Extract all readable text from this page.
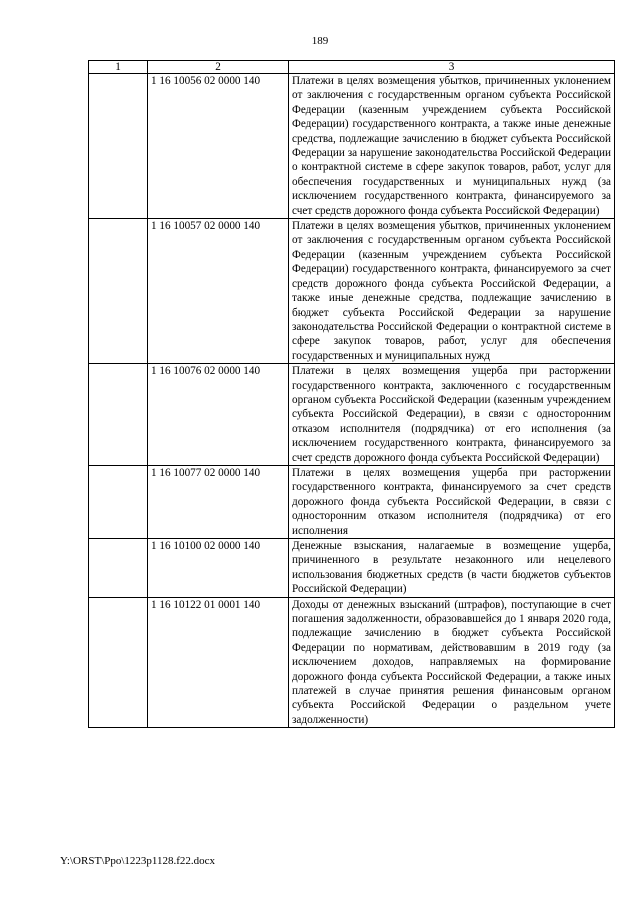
189
1	2	3
	1 16 10056 02 0000 140	Платежи в целях возмещения убытков, причиненных уклонением от заключения с государственным органом субъекта Российской Федерации (казенным учреждением субъекта Российской Федерации) государственного контракта, а также иные денежные средства, подлежащие зачислению в бюджет субъекта Российской Федерации за нарушение законодательства Российской Федерации о контрактной системе в сфере закупок товаров, работ, услуг для обеспечения государственных и муниципальных нужд (за исключением государственного контракта, финансируемого за счет средств дорожного фонда субъекта Российской Федерации)
	1 16 10057 02 0000 140	Платежи в целях возмещения убытков, причиненных уклонением от заключения с государственным органом субъекта Российской Федерации (казенным учреждением субъекта Российской Федерации) государственного контракта, финансируемого за счет средств дорожного фонда субъекта Российской Федерации, а также иные денежные средства, подлежащие зачислению в бюджет субъекта Российской Федерации за нарушение законодательства Российской Федерации о контрактной системе в сфере закупок товаров, работ, услуг для обеспечения государственных и муниципальных нужд
	1 16 10076 02 0000 140	Платежи в целях возмещения ущерба при расторжении государственного контракта, заключенного с государственным органом субъекта Российской Федерации (казенным учреждением субъекта Российской Федерации), в связи с односторонним отказом исполнителя (подрядчика) от его исполнения (за исключением государственного контракта, финансируемого за счет средств дорожного фонда субъекта Российской Федерации)
	1 16 10077 02 0000 140	Платежи в целях возмещения ущерба при расторжении государственного контракта, финансируемого за счет средств дорожного фонда субъекта Российской Федерации, в связи с односторонним отказом исполнителя (подрядчика) от его исполнения
	1 16 10100 02 0000 140	Денежные взыскания, налагаемые в возмещение ущерба, причиненного в результате незаконного или нецелевого использования бюджетных средств (в части бюджетов субъектов Российской Федерации)
	1 16 10122 01 0001 140	Доходы от денежных взысканий (штрафов), поступающие в счет погашения задолженности, образовавшейся до 1 января 2020 года, подлежащие зачислению в бюджет субъекта Российской Федерации по нормативам, действовавшим в 2019 году (за исключением доходов, направляемых на формирование дорожного фонда субъекта Российской Федерации, а также иных платежей в случае принятия решения финансовым органом субъекта Российской Федерации о раздельном учете задолженности)
Y:\ORST\Ppo\1223p1128.f22.docx
